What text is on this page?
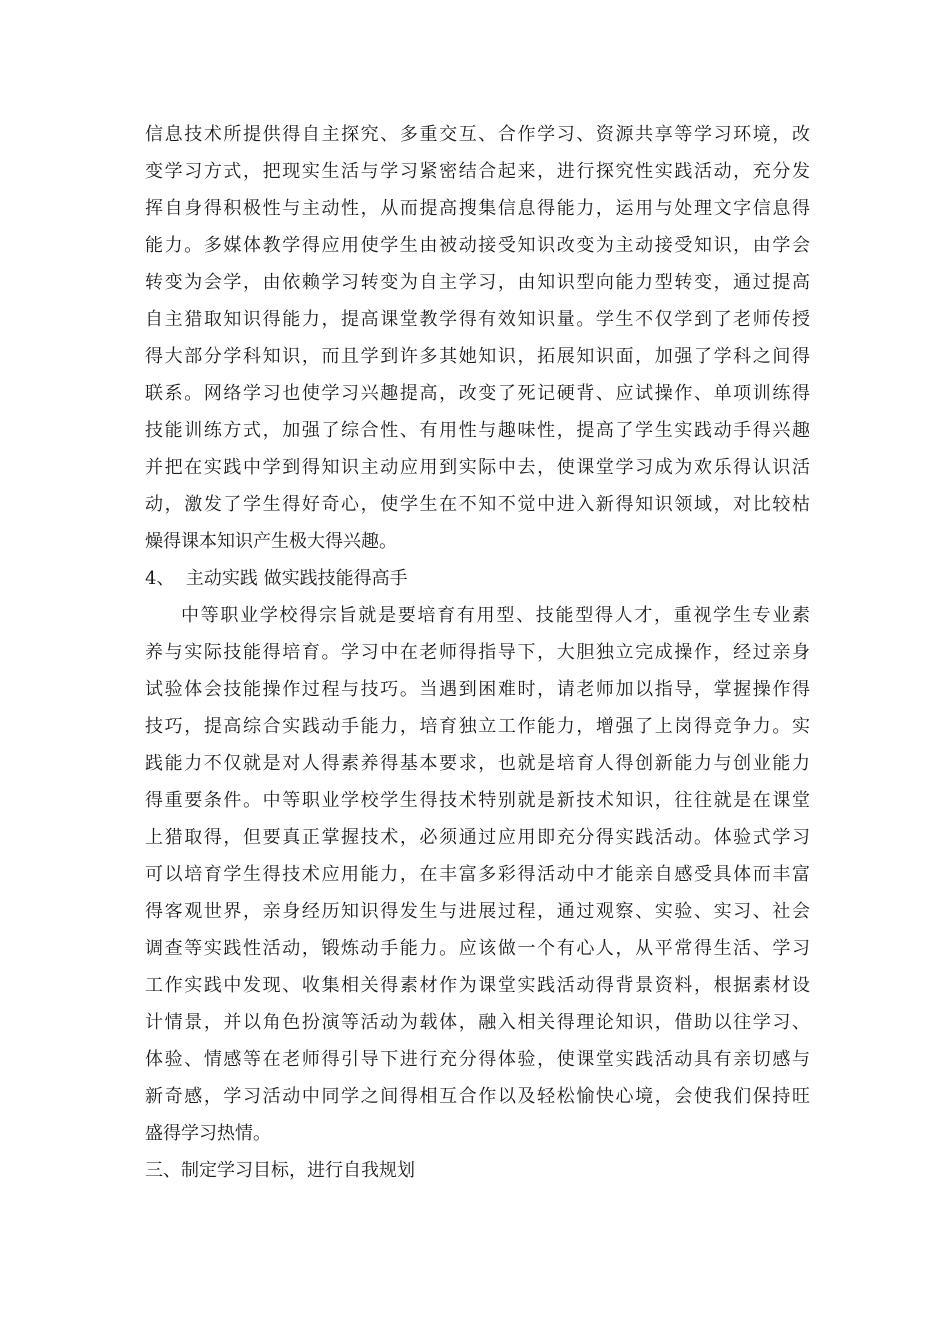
信息技术所提供得自主探究、多重交互、合作学习、资源共享等学习环境，改
变学习方式，把现实生活与学习紧密结合起来，进行探究性实践活动，充分发
挥自身得积极性与主动性，从而提高搜集信息得能力，运用与处理文字信息得
能力。多媒体教学得应用使学生由被动接受知识改变为主动接受知识，由学会
转变为会学，由依赖学习转变为自主学习，由知识型向能力型转变，通过提高
自主猎取知识得能力，提高课堂教学得有效知识量。学生不仅学到了老师传授
得大部分学科知识，而且学到许多其她知识，拓展知识面，加强了学科之间得
联系。网络学习也使学习兴趣提高，改变了死记硬背、应试操作、单项训练得
技能训练方式，加强了综合性、有用性与趣味性，提高了学生实践动手得兴趣
并把在实践中学到得知识主动应用到实际中去，使课堂学习成为欢乐得认识活
动，激发了学生得好奇心，使学生在不知不觉中进入新得知识领域，对比较枯
燥得课本知识产生极大得兴趣。
4、  主动实践 做实践技能得高手
中等职业学校得宗旨就是要培育有用型、技能型得人才，重视学生专业素
养与实际技能得培育。学习中在老师得指导下，大胆独立完成操作，经过亲身
试验体会技能操作过程与技巧。当遇到困难时，请老师加以指导，掌握操作得
技巧，提高综合实践动手能力，培育独立工作能力，增强了上岗得竞争力。实
践能力不仅就是对人得素养得基本要求，也就是培育人得创新能力与创业能力
得重要条件。中等职业学校学生得技术特别就是新技术知识，往往就是在课堂
上猎取得，但要真正掌握技术，必须通过应用即充分得实践活动。体验式学习
可以培育学生得技术应用能力，在丰富多彩得活动中才能亲自感受具体而丰富
得客观世界，亲身经历知识得发生与进展过程，通过观察、实验、实习、社会
调查等实践性活动，锻炼动手能力。应该做一个有心人，从平常得生活、学习
工作实践中发现、收集相关得素材作为课堂实践活动得背景资料，根据素材设
计情景，并以角色扮演等活动为载体，融入相关得理论知识，借助以往学习、
体验、情感等在老师得引导下进行充分得体验，使课堂实践活动具有亲切感与
新奇感，学习活动中同学之间得相互合作以及轻松愉快心境，会使我们保持旺
盛得学习热情。
三、制定学习目标，进行自我规划
